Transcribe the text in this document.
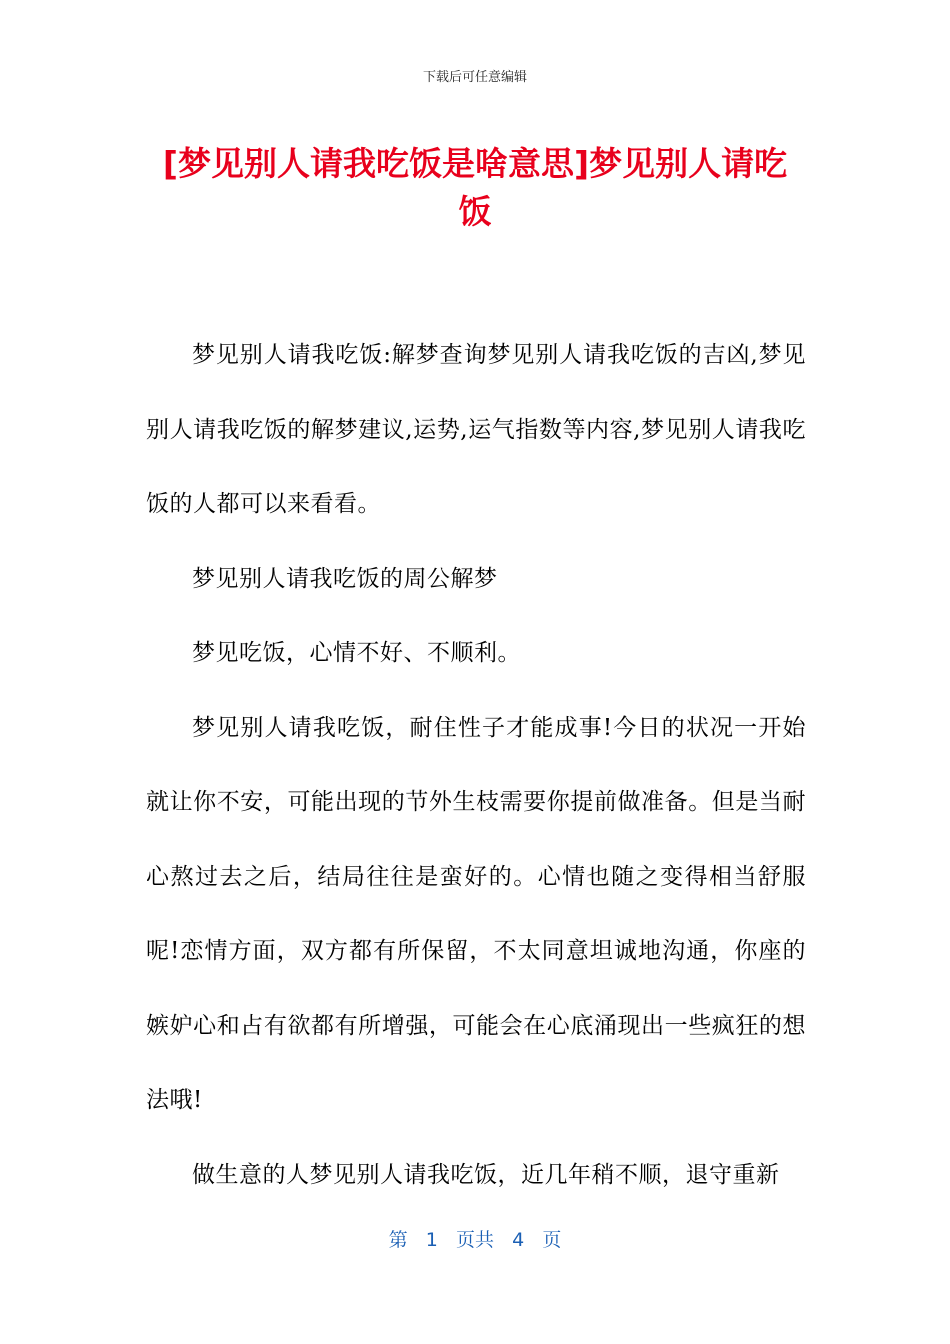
下载后可任意编辑
[梦见别人请我吃饭是啥意思]梦见别人请吃饭

梦见别人请我吃饭:解梦查询梦见别人请我吃饭的吉凶,梦见别人请我吃饭的解梦建议,运势,运气指数等内容,梦见别人请我吃饭的人都可以来看看。

梦见别人请我吃饭的周公解梦

梦见吃饭，心情不好、不顺利。

梦见别人请我吃饭，耐住性子才能成事!今日的状况一开始就让你不安，可能出现的节外生枝需要你提前做准备。但是当耐心熬过去之后，结局往往是蛮好的。心情也随之变得相当舒服呢!恋情方面，双方都有所保留，不太同意坦诚地沟通，你座的嫉妒心和占有欲都有所增强，可能会在心底涌现出一些疯狂的想法哦!

做生意的人梦见别人请我吃饭，近几年稍不顺，退守重新

第 1 页共 4 页
